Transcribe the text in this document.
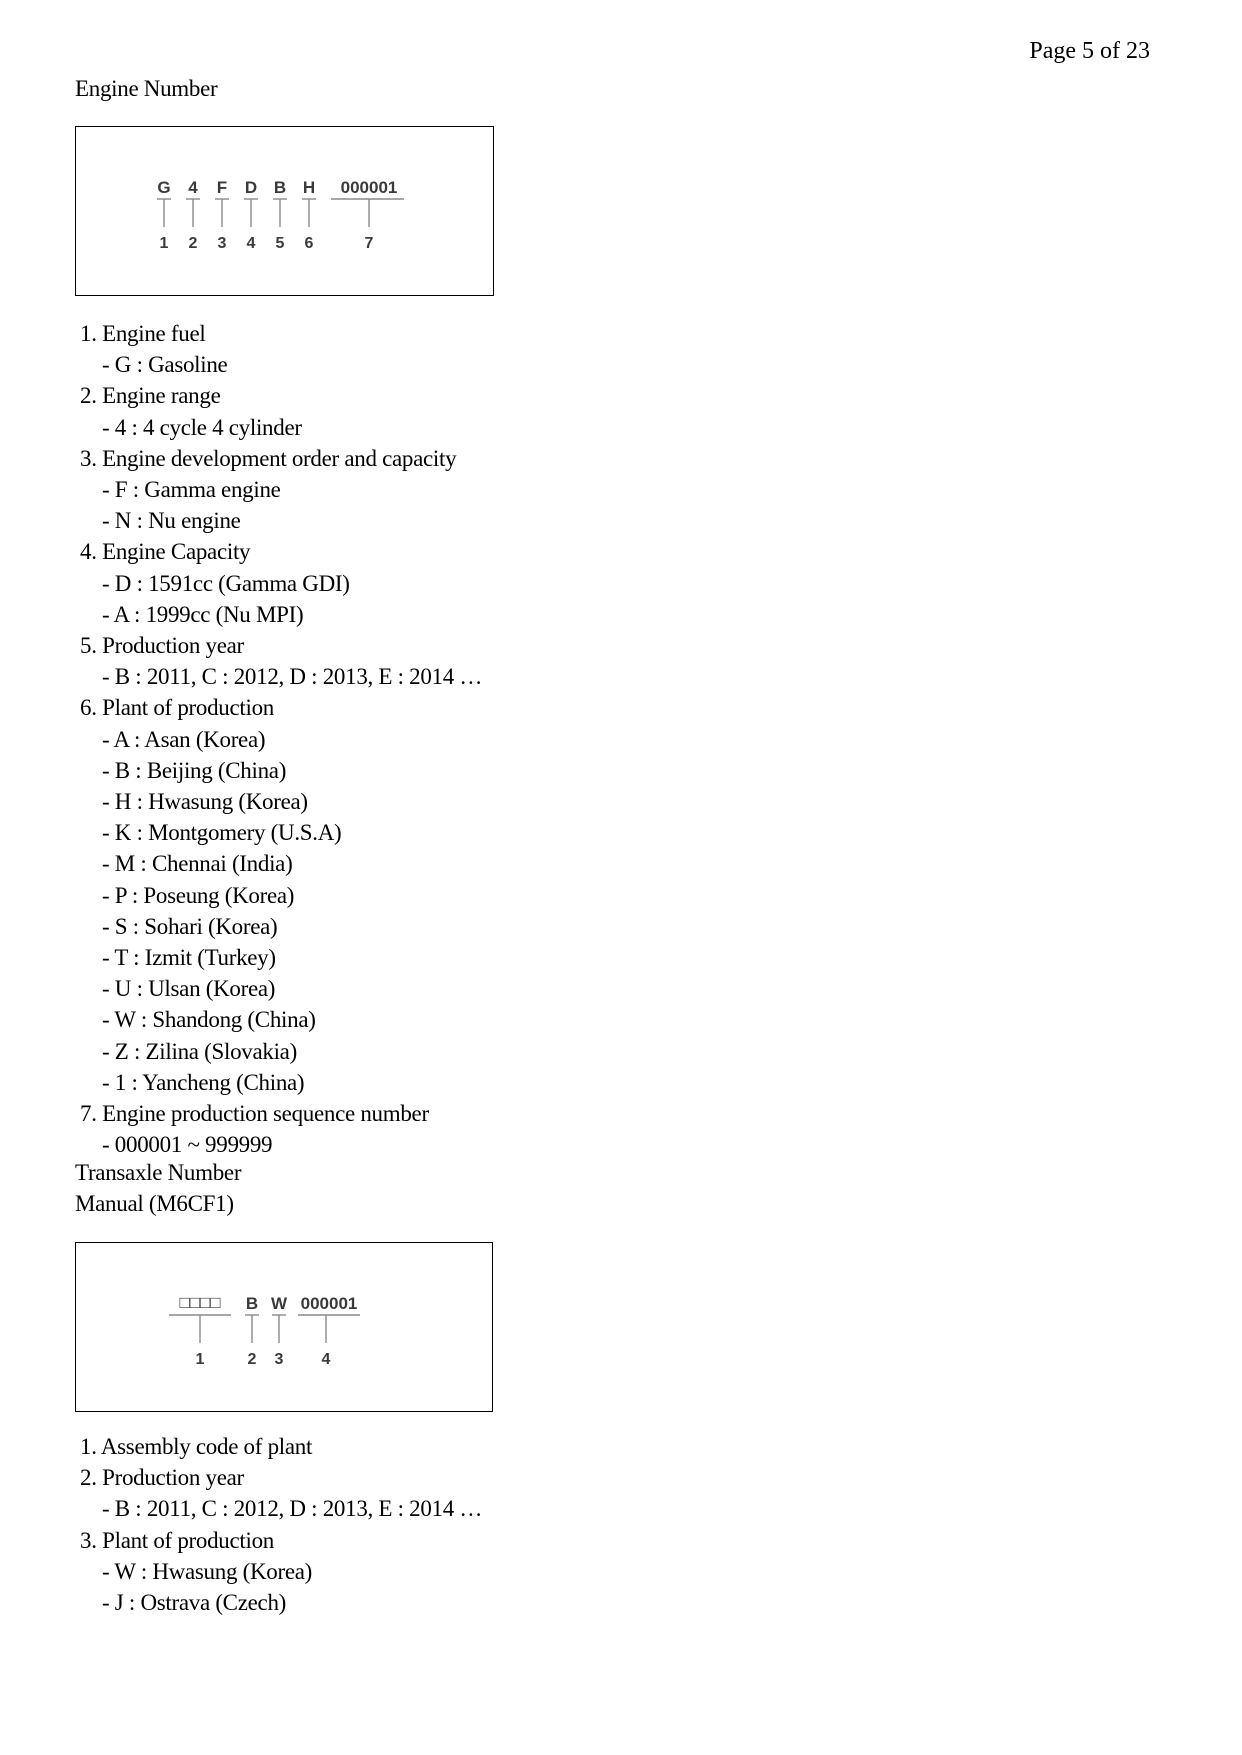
Page 5 of 23
Engine Number
G 4 F D B H 000001
1 2 3 4 5 6	7
1. Engine fuel
- G : Gasoline
2. Engine range
- 4 : 4 cycle 4 cylinder
3. Engine development order and capacity
- F : Gamma engine
- N : Nu engine
4. Engine Capacity
- D : 1591cc (Gamma GDI)
- A : 1999cc (Nu MPI)
5. Production year
- B : 2011, C : 2012, D : 2013, E : 2014 …
6. Plant of production
- A : Asan (Korea)
- B : Beijing (China)
- H : Hwasung (Korea)
- K : Montgomery (U.S.A)
- M : Chennai (India)
- P : Poseung (Korea)
- S : Sohari (Korea)
- T : Izmit (Turkey)
- U : Ulsan (Korea)
- W : Shandong (China)
- Z : Zilina (Slovakia)
- 1 : Yancheng (China)
7. Engine production sequence number
- 000001 ~ 999999
Transaxle Number
Manual (M6CF1)
□□□□ B W 000001
1	2 3 4
1. Assembly code of plant
2. Production year
- B : 2011, C : 2012, D : 2013, E : 2014 …
3. Plant of production
- W : Hwasung (Korea)
- J : Ostrava (Czech)
